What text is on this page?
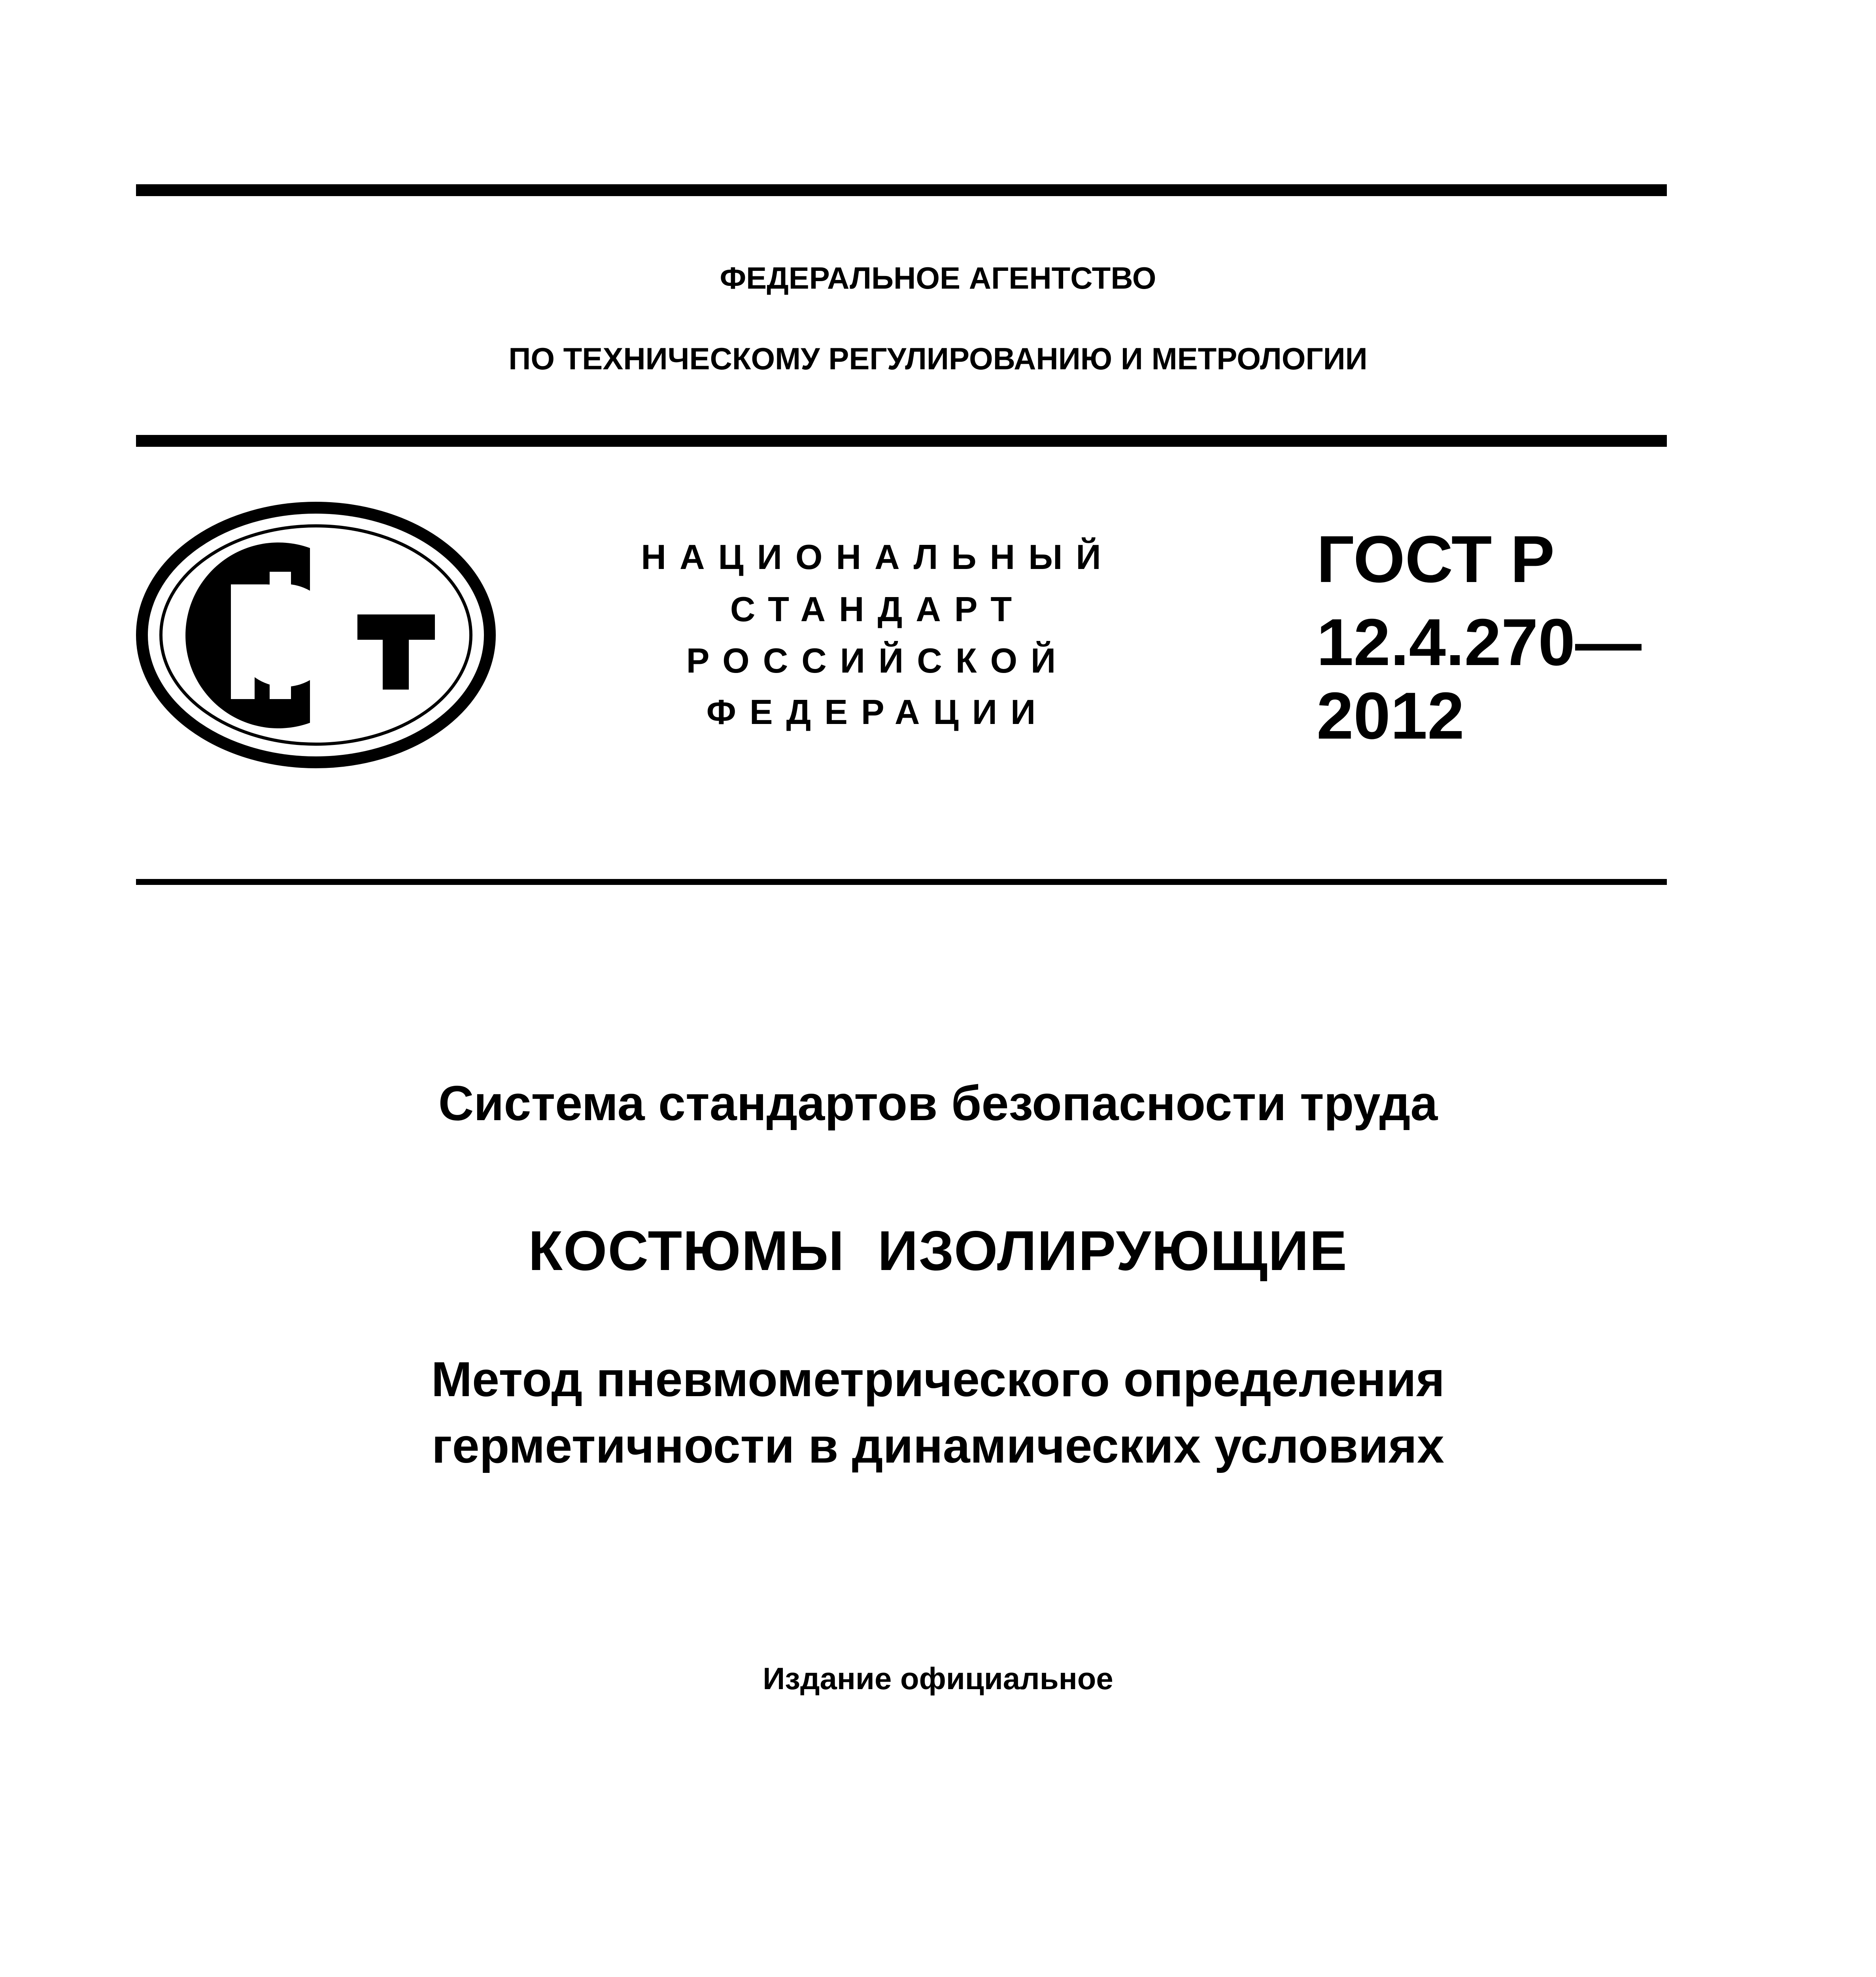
ФЕДЕРАЛЬНОЕ АГЕНТСТВО
ПО ТЕХНИЧЕСКОМУ РЕГУЛИРОВАНИЮ И МЕТРОЛОГИИ
НАЦИОНАЛЬНЫЙ
СТАНДАРТ
РОССИЙСКОЙ
ФЕДЕРАЦИИ
ГОСТ Р
12.4.270—
2012
Система стандартов безопасности труда
КОСТЮМЫ  ИЗОЛИРУЮЩИЕ
Метод пневмометрического определения
герметичности в динамических условиях
Издание официальное
